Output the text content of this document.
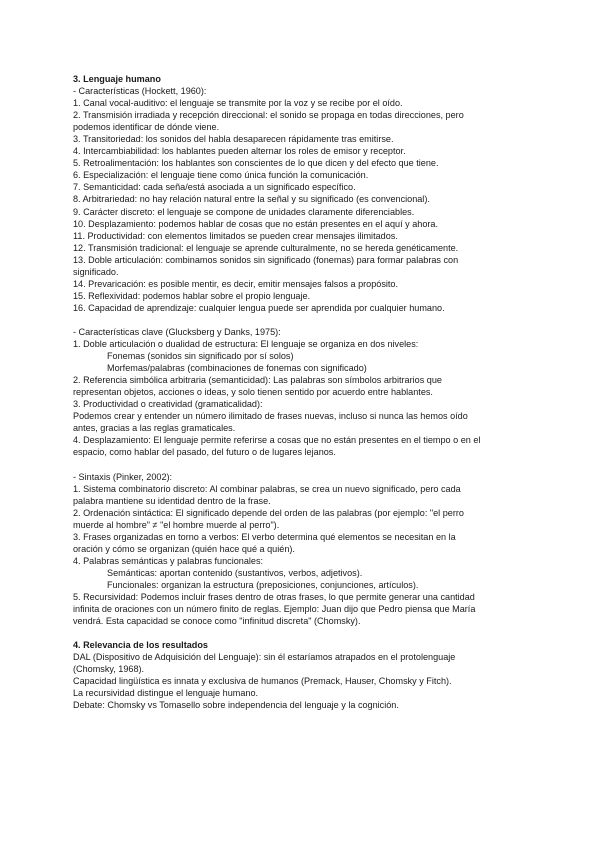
3. Lenguaje humano
- Características (Hockett, 1960):
1. Canal vocal-auditivo: el lenguaje se transmite por la voz y se recibe por el oído.
2. Transmisión irradiada y recepción direccional: el sonido se propaga en todas direcciones, pero
podemos identificar de dónde viene.
3. Transitoriedad: los sonidos del habla desaparecen rápidamente tras emitirse.
4. Intercambiabilidad: los hablantes pueden alternar los roles de emisor y receptor.
5. Retroalimentación: los hablantes son conscientes de lo que dicen y del efecto que tiene.
6. Especialización: el lenguaje tiene como única función la comunicación.
7. Semanticidad: cada seña/está asociada a un significado específico.
8. Arbitrariedad: no hay relación natural entre la señal y su significado (es convencional).
9. Carácter discreto: el lenguaje se compone de unidades claramente diferenciables.
10. Desplazamiento: podemos hablar de cosas que no están presentes en el aquí y ahora.
11. Productividad: con elementos limitados se pueden crear mensajes ilimitados.
12. Transmisión tradicional: el lenguaje se aprende culturalmente, no se hereda genéticamente.
13. Doble articulación: combinamos sonidos sin significado (fonemas) para formar palabras con
significado.
14. Prevaricación: es posible mentir, es decir, emitir mensajes falsos a propósito.
15. Reflexividad: podemos hablar sobre el propio lenguaje.
16. Capacidad de aprendizaje: cualquier lengua puede ser aprendida por cualquier humano.
- Características clave (Glucksberg y Danks, 1975):
1. Doble articulación o dualidad de estructura: El lenguaje se organiza en dos niveles:
Fonemas (sonidos sin significado por sí solos)
Morfemas/palabras (combinaciones de fonemas con significado)
2. Referencia simbólica arbitraria (semanticidad): Las palabras son símbolos arbitrarios que
representan objetos, acciones o ideas, y solo tienen sentido por acuerdo entre hablantes.
3. Productividad o creatividad (gramaticalidad):
Podemos crear y entender un número ilimitado de frases nuevas, incluso si nunca las hemos oído
antes, gracias a las reglas gramaticales.
4. Desplazamiento: El lenguaje permite referirse a cosas que no están presentes en el tiempo o en el
espacio, como hablar del pasado, del futuro o de lugares lejanos.
- Sintaxis (Pinker, 2002):
1. Sistema combinatorio discreto: Al combinar palabras, se crea un nuevo significado, pero cada
palabra mantiene su identidad dentro de la frase.
2. Ordenación sintáctica: El significado depende del orden de las palabras (por ejemplo: "el perro
muerde al hombre" ≠ "el hombre muerde al perro").
3. Frases organizadas en torno a verbos: El verbo determina qué elementos se necesitan en la
oración y cómo se organizan (quién hace qué a quién).
4. Palabras semánticas y palabras funcionales:
Semánticas: aportan contenido (sustantivos, verbos, adjetivos).
Funcionales: organizan la estructura (preposiciones, conjunciones, artículos).
5. Recursividad: Podemos incluir frases dentro de otras frases, lo que permite generar una cantidad
infinita de oraciones con un número finito de reglas. Ejemplo: Juan dijo que Pedro piensa que María
vendrá. Esta capacidad se conoce como "infinitud discreta" (Chomsky).
4. Relevancia de los resultados
DAL (Dispositivo de Adquisición del Lenguaje): sin él estaríamos atrapados en el protolenguaje
(Chomsky, 1968).
Capacidad lingüística es innata y exclusiva de humanos (Premack, Hauser, Chomsky y Fitch).
La recursividad distingue el lenguaje humano.
Debate: Chomsky vs Tomasello sobre independencia del lenguaje y la cognición.
